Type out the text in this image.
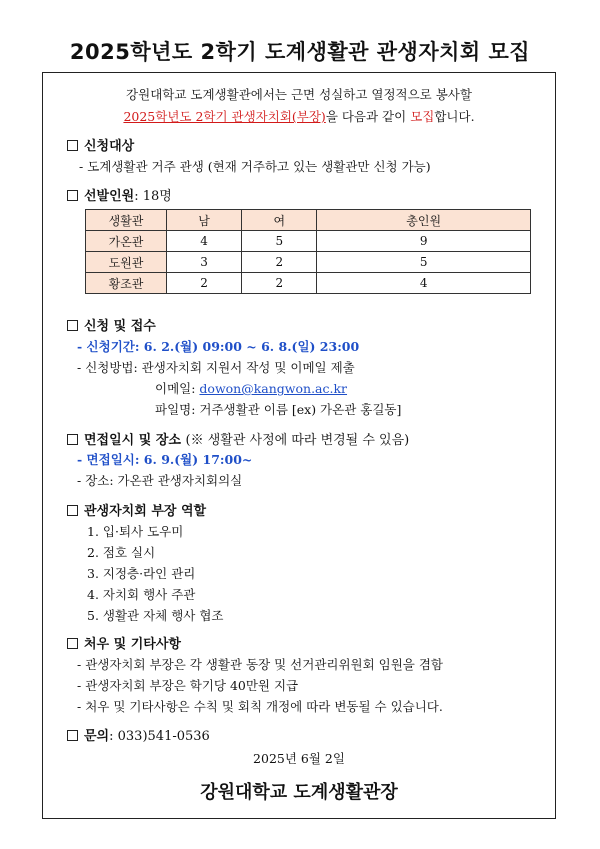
2025학년도 2학기 도계생활관 관생자치회 모집
강원대학교 도계생활관에서는 근면 성실하고 열정적으로 봉사할
2025학년도 2학기 관생자치회(부장)을 다음과 같이 모집합니다.
신청대상
- 도계생활관 거주 관생 (현재 거주하고 있는 생활관만 신청 가능)
선발인원: 18명
생활관	남	여	총인원
가온관	4	5	9
도원관	3	2	5
황조관	2	2	4
신청 및 접수
- 신청기간: 6. 2.(월) 09:00 ~ 6. 8.(일) 23:00
- 신청방법: 관생자치회 지원서 작성 및 이메일 제출
이메일: dowon@kangwon.ac.kr
파일명: 거주생활관 이름 [ex) 가온관 홍길동]
면접일시 및 장소 (※ 생활관 사정에 따라 변경될 수 있음)
- 면접일시: 6. 9.(월) 17:00~
- 장소: 가온관 관생자치회의실
관생자치회 부장 역할
1. 입·퇴사 도우미
2. 점호 실시
3. 지정층·라인 관리
4. 자치회 행사 주관
5. 생활관 자체 행사 협조
처우 및 기타사항
- 관생자치회 부장은 각 생활관 동장 및 선거관리위원회 임원을 겸함
- 관생자치회 부장은 학기당 40만원 지급
- 처우 및 기타사항은 수칙 및 회칙 개정에 따라 변동될 수 있습니다.
문의: 033)541-0536
2025년 6월 2일
강원대학교 도계생활관장
